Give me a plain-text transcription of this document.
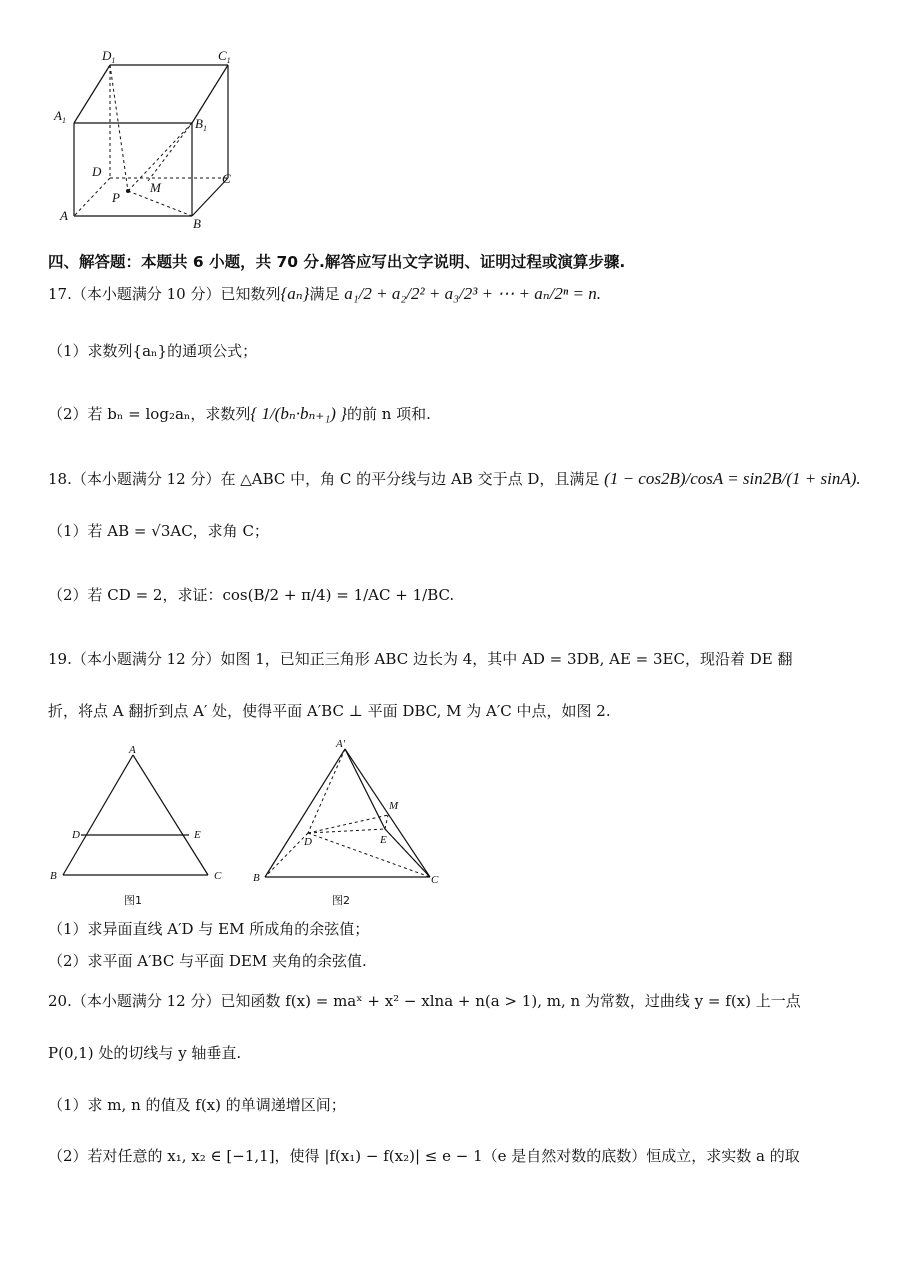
$D_1$	$C_1$
$A_1$	$B_1$
D	C
P
M
A
B
四、解答题：本题共 6 小题，共 70 分.解答应写出文字说明、证明过程或演算步骤.
17.（本小题满分 10 分）已知数列{aₙ}满足 a₁/2 + a₂/2² + a₃/2³ + ⋯ + aₙ/2ⁿ = n.
（1）求数列{aₙ}的通项公式；
（2）若 bₙ = log₂aₙ，求数列{ 1/(bₙ·bₙ₊₁) }的前 n 项和.
18.（本小题满分 12 分）在 △ABC 中，角 C 的平分线与边 AB 交于点 D，且满足 (1 − cos2B)/cosA = sin2B/(1 + sinA).
（1）若 AB = √3AC，求角 C；
（2）若 CD = 2，求证：cos(B/2 + π/4) = 1/AC + 1/BC.
19.（本小题满分 12 分）如图 1，已知正三角形 ABC 边长为 4，其中 AD = 3DB, AE = 3EC，现沿着 DE 翻
折，将点 A 翻折到点 A′ 处，使得平面 A′BC ⊥ 平面 DBC, M 为 A′C 中点，如图 2.
A
D	E
B	C
图1
A′
M
D	E
B	C
图2
（1）求异面直线 A′D 与 EM 所成角的余弦值；
（2）求平面 A′BC 与平面 DEM 夹角的余弦值.
20.（本小题满分 12 分）已知函数 f(x) = maˣ + x² − xlna + n(a > 1), m, n 为常数，过曲线 y = f(x) 上一点
P(0,1) 处的切线与 y 轴垂直.
（1）求 m, n 的值及 f(x) 的单调递增区间；
（2）若对任意的 x₁, x₂ ∈ [−1,1]，使得 |f(x₁) − f(x₂)| ≤ e − 1（e 是自然对数的底数）恒成立，求实数 a 的取
